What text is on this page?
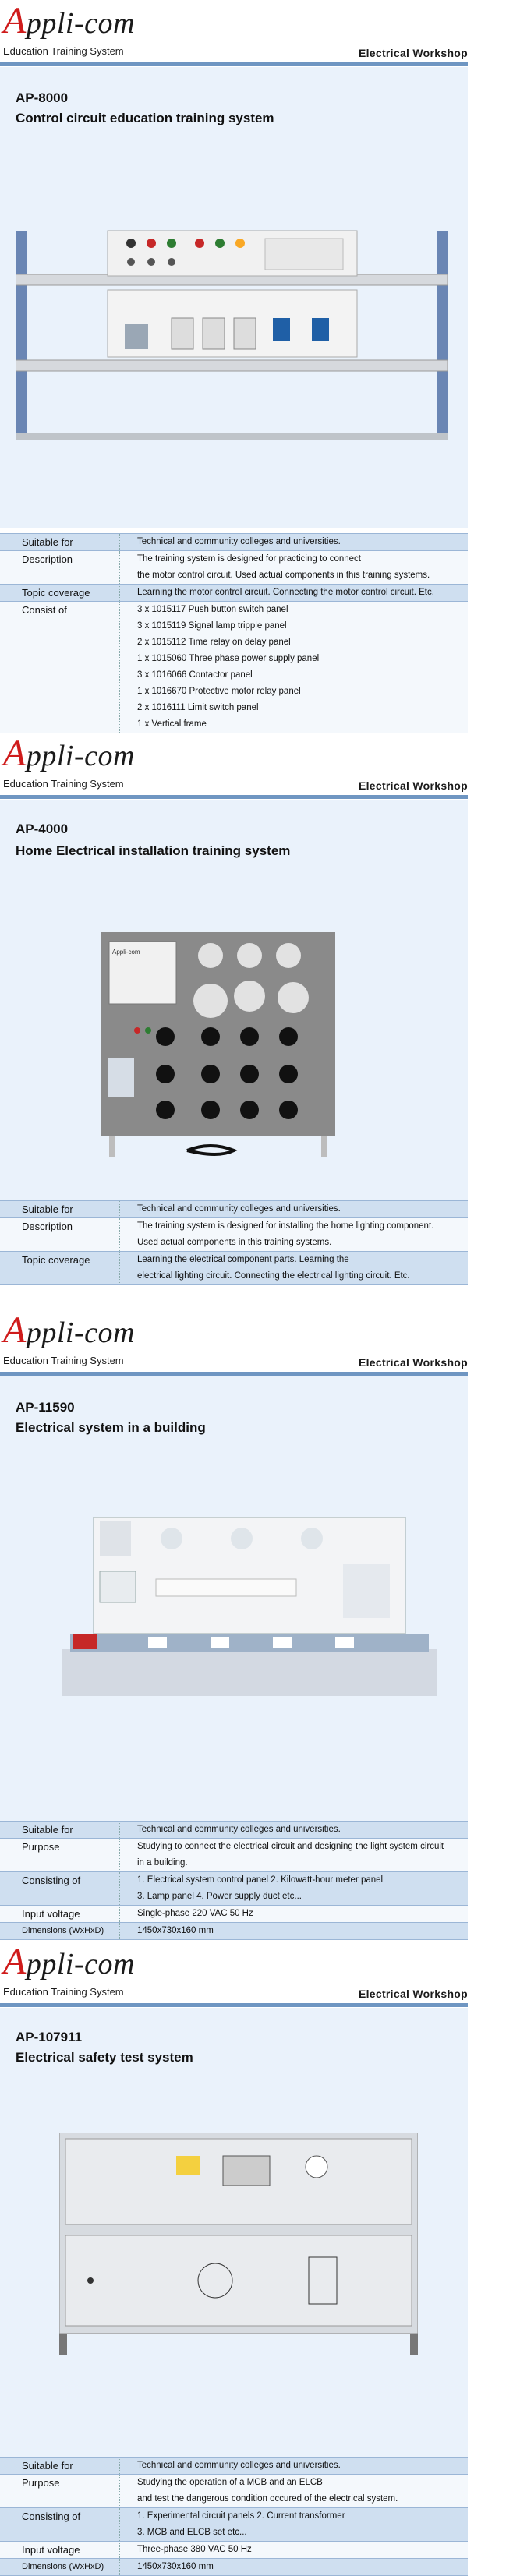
Appli-com
Education Training System	Electrical Workshop
AP-8000
Control circuit education training system
Suitable for	Technical and community colleges and universities.
Description	The training system is designed for practicing to connect
the motor control circuit. Used actual components in this training systems.
Topic coverage	Learning the motor control circuit. Connecting the motor control circuit. Etc.
Consist of	3 x 1015117 Push button switch panel
3 x 1015119 Signal lamp tripple panel
2 x 1015112 Time relay on delay panel
1 x 1015060 Three phase power supply panel
3 x 1016066 Contactor panel
1 x 1016670 Protective motor relay panel
2 x 1016111 Limit switch panel
1 x Vertical frame
Appli-com
Education Training System	Electrical Workshop
AP-4000
Home Electrical installation training system
Appli-com
Suitable for	Technical and community colleges and universities.
Description	The training system is designed for installing the home lighting component.
Used actual components in this training systems.
Topic coverage	Learning the electrical component parts. Learning the
electrical lighting circuit. Connecting the electrical lighting circuit. Etc.
Appli-com
Education Training System	Electrical Workshop
AP-11590
Electrical system in a building
Suitable for	Technical and community colleges and universities.
Purpose	Studying to connect the electrical circuit and designing the light system circuit
in a building.
Consisting of	1. Electrical system control panel 2. Kilowatt-hour meter panel
3. Lamp panel 4. Power supply duct etc...
Input voltage	Single-phase 220 VAC 50 Hz
Dimensions (WxHxD)	1450x730x160 mm
Appli-com
Education Training System	Electrical Workshop
AP-107911
Electrical safety test system
Suitable for	Technical and community colleges and universities.
Purpose	Studying the operation of a MCB and an ELCB
and test the dangerous condition occured of the electrical system.
Consisting of	1. Experimental circuit panels 2. Current transformer
3. MCB and ELCB set etc...
Input voltage	Three-phase 380 VAC 50 Hz
Dimensions (WxHxD)	1450x730x160 mm
